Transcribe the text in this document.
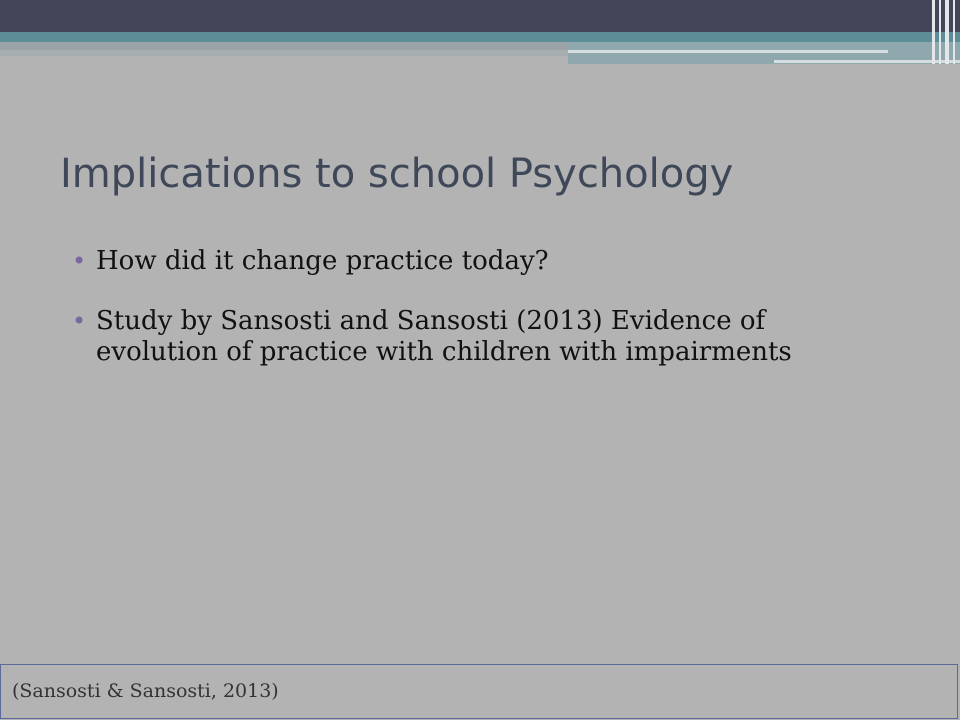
Implications to school Psychology
• How did it change practice today?
• Study by Sansosti and Sansosti (2013) Evidence of evolution of practice with children with impairments
(Sansosti & Sansosti, 2013)
